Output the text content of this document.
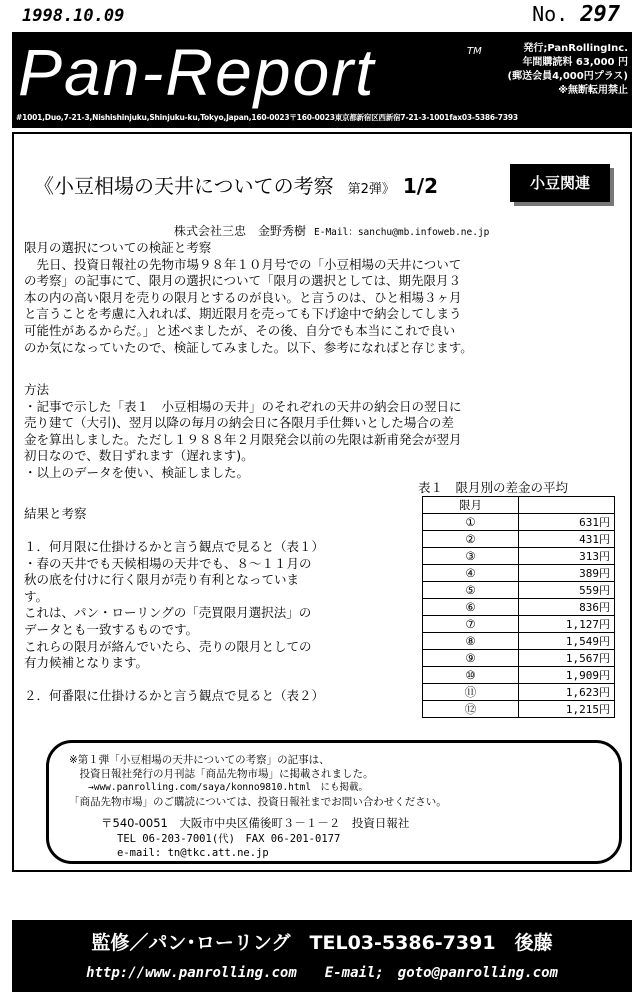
1998.10.09	No. 297
Pan-Report	TM	発行;PanRollingInc.
年間購読料 63,000 円
(郵送会員4,000円プラス)
※無断転用禁止
#1001,Duo,7-21-3,Nishishinjuku,Shinjuku-ku,Tokyo,Japan,160-0023〒160-0023東京都新宿区西新宿7-21-3-1001fax03-5386-7393
《小豆相場の天井についての考察 第2弾》 1/2	小豆関連
株式会社三忠　金野秀樹 E-Mail：sanchu@mb.infoweb.ne.jp
限月の選択についての検証と考察
　先日、投資日報社の先物市場９８年１０月号での「小豆相場の天井について
の考察」の記事にて、限月の選択について「限月の選択としては、期先限月３
本の内の高い限月を売りの限月とするのが良い。と言うのは、ひと相場３ヶ月
と言うことを考慮に入れれば、期近限月を売っても下げ途中で納会してしまう
可能性があるからだ。」と述べましたが、その後、自分でも本当にこれで良い
のか気になっていたので、検証してみました。以下、参考になればと存じます。
方法
・記事で示した「表１　小豆相場の天井」のそれぞれの天井の納会日の翌日に
売り建て（大引)、翌月以降の毎月の納会日に各限月手仕舞いとした場合の差
金を算出しました。ただし１９８８年２月限発会以前の先限は新甫発会が翌月
初日なので、数日ずれます（遅れます)。
・以上のデータを使い、検証しました。
結果と考察
１．何月限に仕掛けるかと言う観点で見ると（表１）
・春の天井でも天候相場の天井でも、８～１１月の
秋の底を付けに行く限月が売り有利となっていま
す。
これは、パン・ローリングの「売買限月選択法」の
データとも一致するものです。
これらの限月が絡んでいたら、売りの限月としての
有力候補となります。
２．何番限に仕掛けるかと言う観点で見ると（表２）
表１　限月別の差金の平均
限月	
①	631円
②	431円
③	313円
④	389円
⑤	559円
⑥	836円
⑦	1,127円
⑧	1,549円
⑨	1,567円
⑩	1,909円
⑪	1,623円
⑫	1,215円
※第１弾「小豆相場の天井についての考察」の記事は、
　投資日報社発行の月刊誌「商品先物市場」に掲載されました。
　　→www.panrolling.com/saya/konno9810.html　にも掲載。
「商品先物市場」のご購読については、投資日報社までお問い合わせください。
〒540-0051　大阪市中央区備後町３－１－２　投資日報社
TEL 06-203-7001(代)　FAX 06-201-0177
e-mail: tn@tkc.att.ne.jp
監修／パン･ローリング　TEL03-5386-7391　後藤
http://www.panrolling.com　　E-mail;　goto@panrolling.com
